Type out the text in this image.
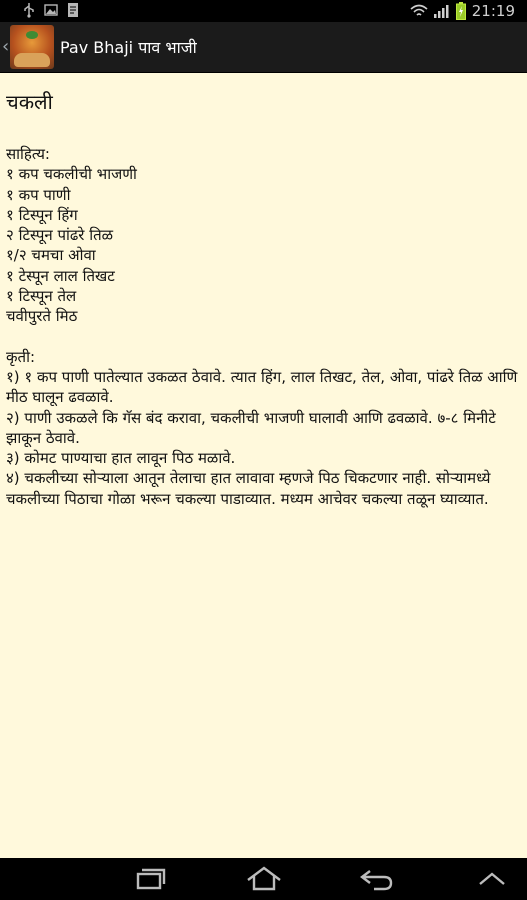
21:19
‹	Pav Bhaji पाव भाजी
चकली
साहित्य:
१ कप चकलीची भाजणी
१ कप पाणी
१ टिस्पून हिंग
२ टिस्पून पांढरे तिळ
१/२ चमचा ओवा
१ टेस्पून लाल तिखट
१ टिस्पून तेल
चवीपुरते मिठ
कृती:
१) १ कप पाणी पातेल्यात उकळत ठेवावे. त्यात हिंग, लाल तिखट, तेल, ओवा, पांढरे तिळ आणि मीठ घालून ढवळावे.
२) पाणी उकळले कि गॅस बंद करावा, चकलीची भाजणी घालावी आणि ढवळावे. ७-८ मिनीटे झाकून ठेवावे.
३) कोमट पाण्याचा हात लावून पिठ मळावे.
४) चकलीच्या सोऱ्याला आतून तेलाचा हात लावावा म्हणजे पिठ चिकटणार नाही. सोऱ्यामध्ये चकलीच्या पिठाचा गोळा भरून चकल्या पाडाव्यात. मध्यम आचेवर चकल्या तळून घ्याव्यात.
